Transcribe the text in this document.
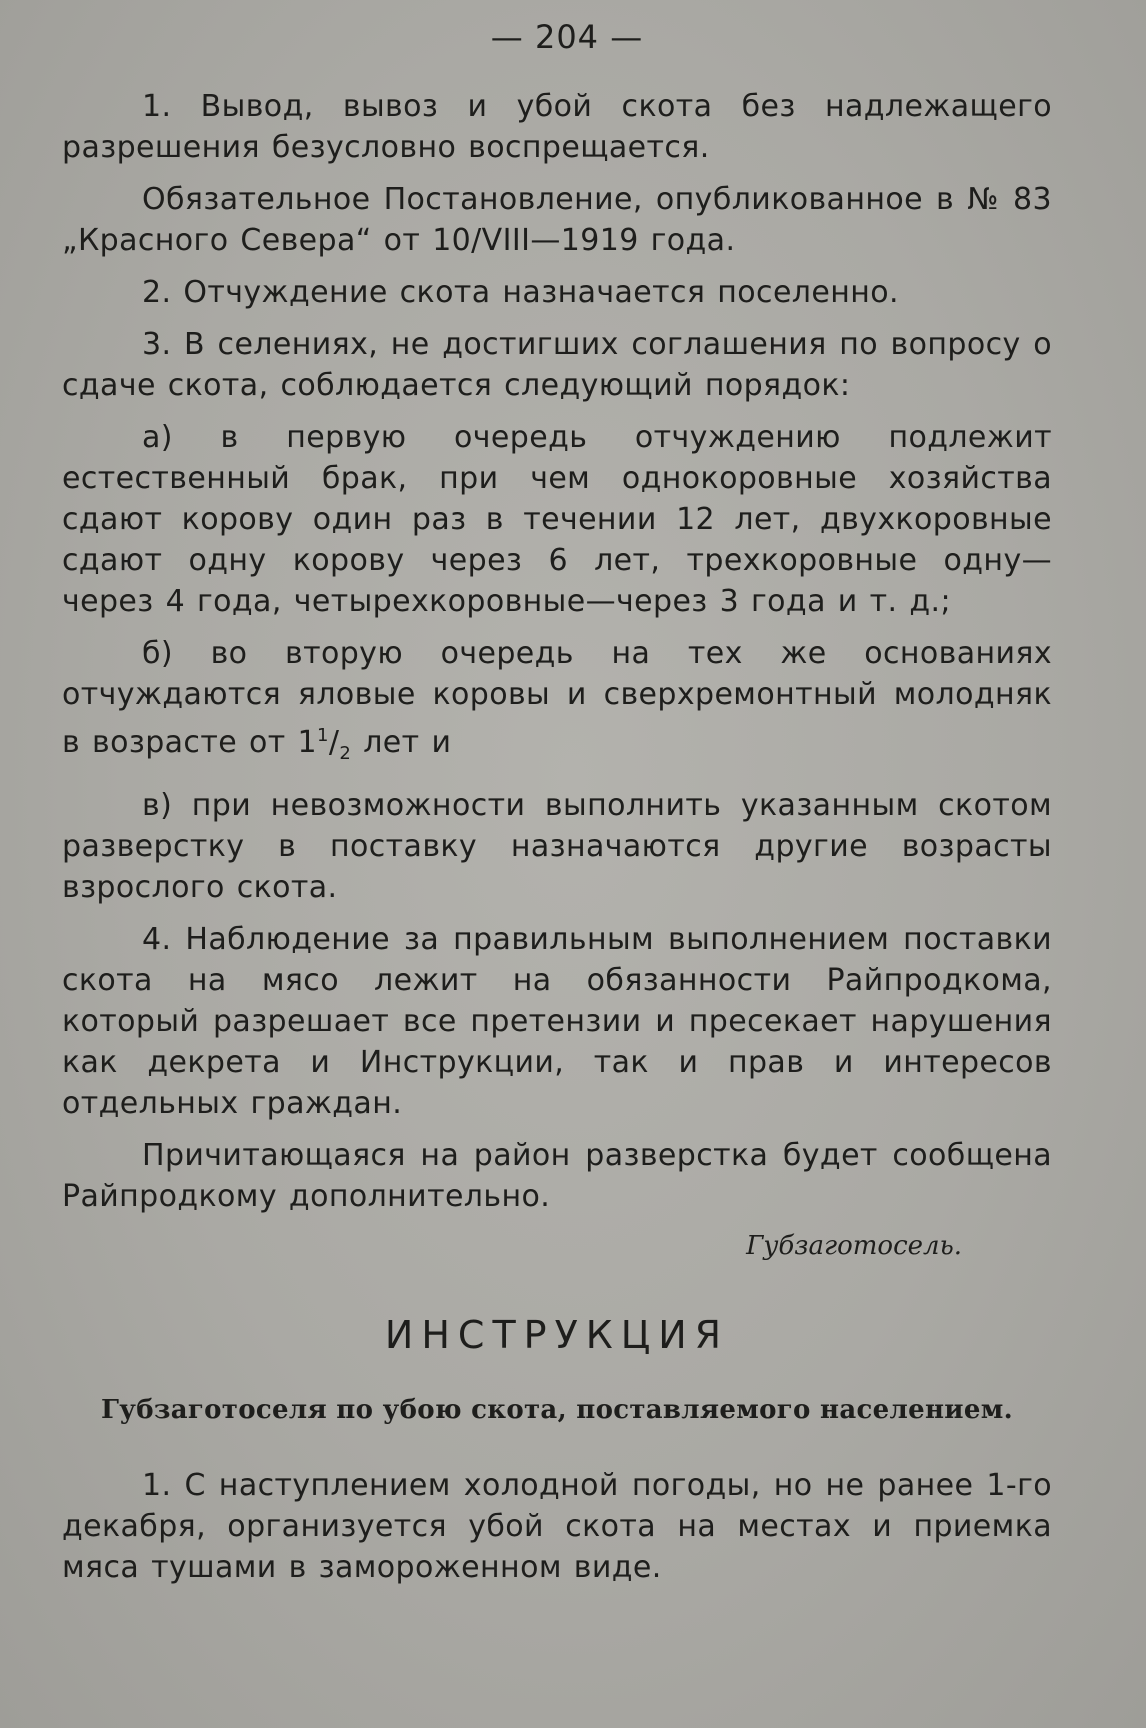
— 204 —

1. Вывод, вывоз и убой скота без надлежащего разрешения безусловно воспрещается.

Обязательное Постановление, опубликованное в № 83 „Красного Севера“ от 10/VIII—1919 года.

2. Отчуждение скота назначается поселенно.

3. В селениях, не достигших соглашения по вопросу о сдаче скота, соблюдается следующий порядок:

а) в первую очередь отчуждению подлежит естественный брак, при чем однокоровные хозяйства сдают корову один раз в течении 12 лет, двухкоровные сдают одну корову через 6 лет, трехкоровные одну— через 4 года, четырехкоровные—через 3 года и т. д.;

б) во вторую очередь на тех же основаниях отчуждаются яловые коровы и сверхремонтный молодняк в возрасте от $1^1/_2$ лет и

в) при невозможности выполнить указанным скотом разверстку в поставку назначаются другие возрасты взрослого скота.

4. Наблюдение за правильным выполнением поставки скота на мясо лежит на обязанности Райпродкома, который разрешает все претензии и пресекает нарушения как декрета и Инструкции, так и прав и интересов отдельных граждан.

Причитающаяся на район разверстка будет сообщена Райпродкому дополнительно.

Губзаготосель.
ИНСТРУКЦИЯ
Губзаготоселя по убою скота, поставляемого населением.

1. С наступлением холодной погоды, но не ранее 1-го декабря, организуется убой скота на местах и приемка мяса тушами в замороженном виде.
